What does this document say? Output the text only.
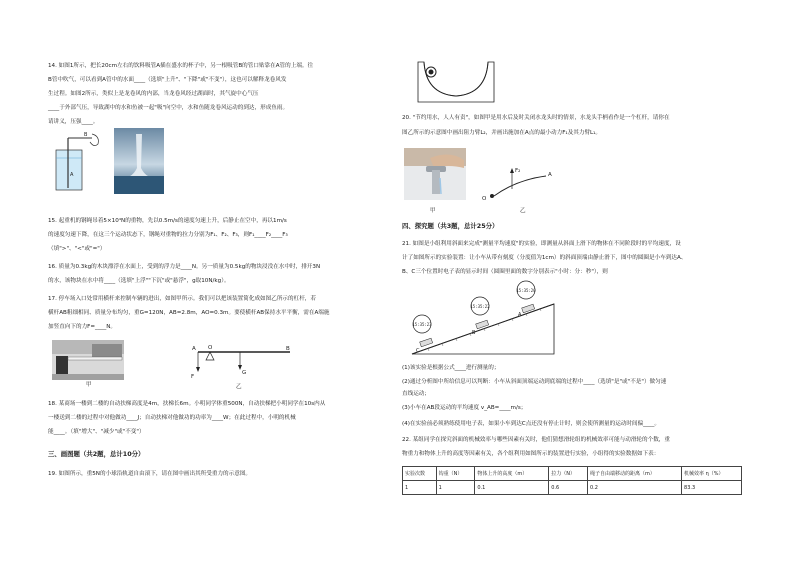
14. 如图1所示，把长20cm左右的饮料吸管A插在盛水的杯子中，另一根吸管B的管口贴靠在A管的上端。往

B管中吹气，可以看到A管中的水面____（选填"上升"、"下降"或"不变"），这也可以解释龙卷风发

生过程。如图2所示，类似上是龙卷风的内部，当龙卷风经过湖面时，其气旋中心气压

____于外部气压，导致湖中的水和鱼被一起"吸"向空中，水和鱼随龙卷风运动的到达，形成鱼雨。

请讲义，压强____。

A
B

15. 起重机的钢绳吊着5×10⁴N的重物，先以0.5m/s的速度匀速上升，后静止在空中，再以1m/s

的速度匀速下降，在这三个运动状态下，钢绳对重物的拉力分别为F₁、F₂、F₃，则F₁____F₂____F₃

（填">"、"<"或"="）

16. 质量为0.3kg的木块漂浮在水面上，受到的浮力是____N。另一质量为0.5kg的物块浸没在水中时，排开3N

的水，该物块在水中将____（选填"上浮""下沉"或"悬浮"，g取10N/kg）。

17. 停车场入口处常用横杆来控制车辆的进出，如图甲所示。我们可以把该装置简化成如图乙所示的杠杆，若

横杆AB粗细相同、质量分布均匀，重G=120N，AB=2.8m，AO=0.3m。要使横杆AB保持水平平衡，需在A端施

加竖直向下的力F=____N。

甲

A O	B
F
G

乙

18. 某商场一楼到二楼的自动扶梯高度是4m，扶梯长6m。小明同学体重500N，自动扶梯把小明同学在10s内从

一楼送到二楼的过程中对他做功____J；自动扶梯对他做功的功率为____W；在此过程中，小明的机械

能____。（填"增大"、"减少"或"不变"）

三、画图题（共2题，总计10分）

19. 如图所示，重5N的小球沿轨道自由滚下，请在图中画出其所受重力的示意图。

20. "节约用水，人人有责"，如图甲是用水后及时关闭水龙头时的情景，水龙头手柄看作是一个杠杆，请你在

图乙所示的示意图中画出阻力臂L₂，并画出施加在A点的最小动力F₁及其力臂L₁。

甲

O
F₂
A

乙

四、探究题（共3题，总计25分）

21. 如图是小组利用斜面来完成"测量平均速度"的实验，即测量从斜面上滑下的物体在不同阶段时的平均速度，设

计了如图所示的实验装置：让小车从带有刻度（分度值为1cm）的斜面顶端由静止滑下，图中的圆圈是小车到达A、

B、C三个位置时电子表的显示时间（圆圈里面的数字分别表示"小时：分：秒"），则

15:35:23
15:35:22
15:35:20
C
B
A

(1)该实验是根据公式____进行测量的；

(2)通过分析图中所给信息可以判断：小车从斜面顶端运动到底端的过程中____（选填"是"或"不是"）做匀速

直线运动；

(3)小车在AB段运动的平均速度 v_AB=____m/s；

(4)在实验前必须熟练使用电子表，如果小车到达C点还没有停止计时，则会使所测量的运动时间偏____。

22. 某组同学在探究斜面的机械效率与哪些因素有关时，他们猜想滑轮组的机械效率可能与动滑轮的个数，重

物重力和物体上升的高度等因素有关，各个组利用如图所示的装置进行实验，小组得的实验数据如下表：

实验次数	钩重（N）	物体上升的高度（m）	拉力（N）	绳子自由端移动的距离（m）	机械效率 η（%）
1	1	0.1	0.6	0.2	83.3
